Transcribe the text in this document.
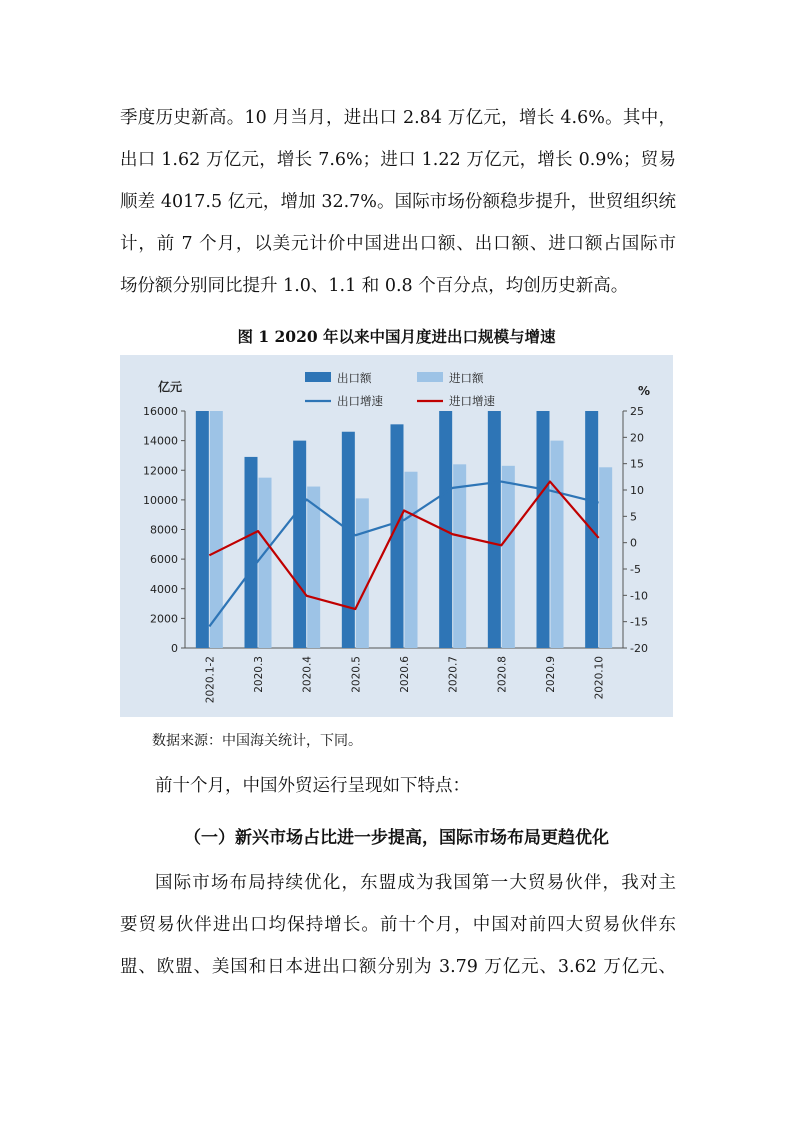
季度历史新高。10 月当月，进出口 2.84 万亿元，增长 4.6%。其中，
出口 1.62 万亿元，增长 7.6%；进口 1.22 万亿元，增长 0.9%；贸易
顺差 4017.5 亿元，增加 32.7%。国际市场份额稳步提升，世贸组织统
计，前 7 个月，以美元计价中国进出口额、出口额、进口额占国际市
场份额分别同比提升 1.0、1.1 和 0.8 个百分点，均创历史新高。
图 1 2020 年以来中国月度进出口规模与增速
16000
14000
12000
10000
8000
6000
4000
2000
0
25
20
15
10
5
0
-5
-10
-15
-20
亿元	%
2020.1-2	2020.3	2020.4	2020.5	2020.6	2020.7	2020.8	2020.9	2020.10
出口额	进口额
出口增速	进口增速
数据来源：中国海关统计，下同。
前十个月，中国外贸运行呈现如下特点：
（一）新兴市场占比进一步提高，国际市场布局更趋优化
国际市场布局持续优化，东盟成为我国第一大贸易伙伴，我对主
要贸易伙伴进出口均保持增长。前十个月，中国对前四大贸易伙伴东
盟、欧盟、美国和日本进出口额分别为 3.79 万亿元、3.62 万亿元、
